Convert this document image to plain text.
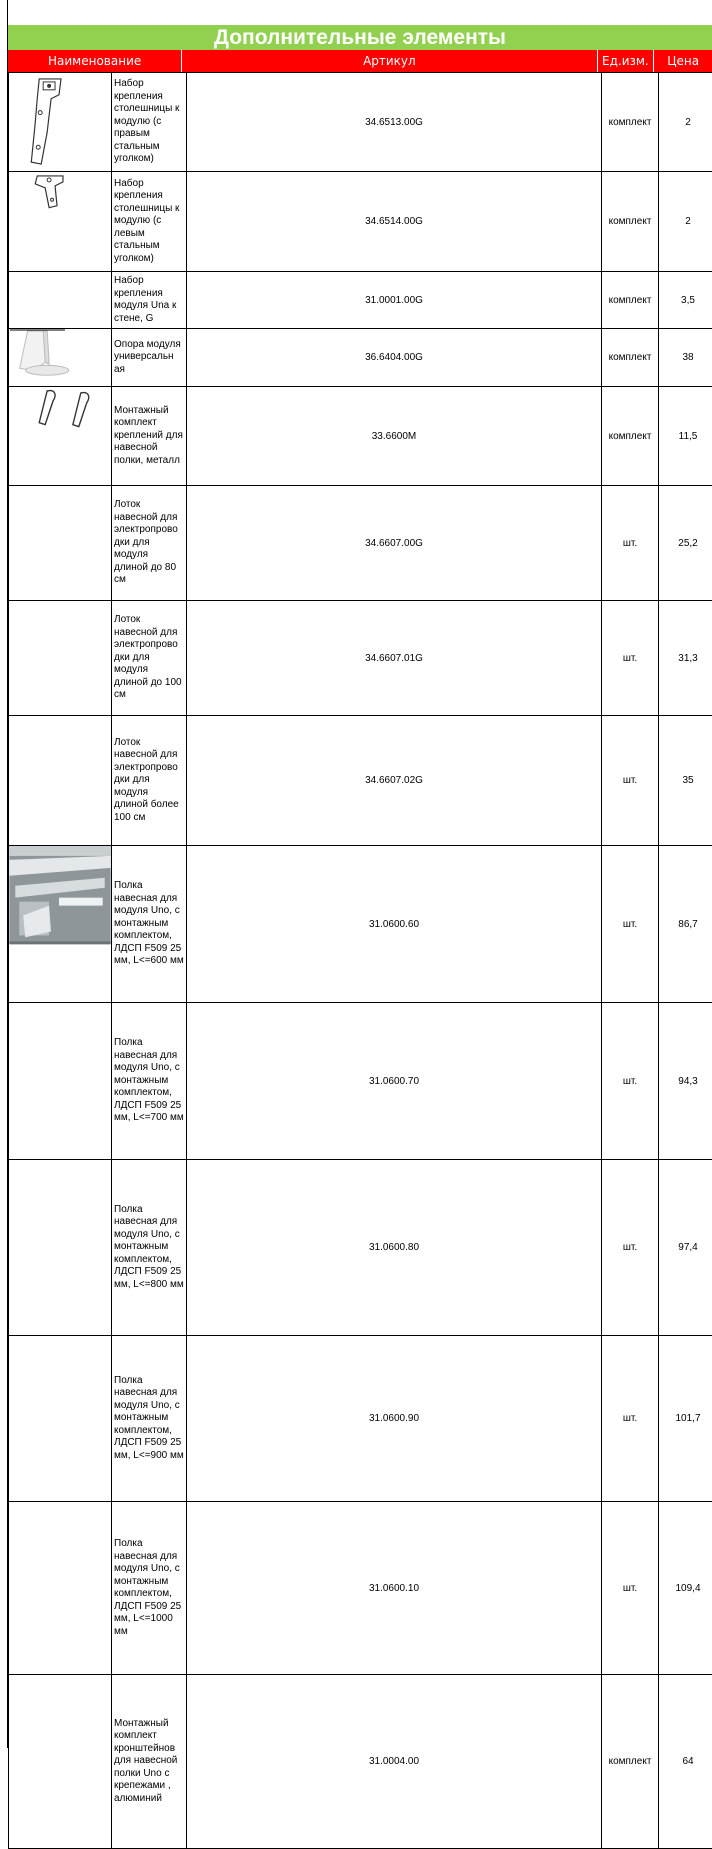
Дополнительные элементы
Наименование	Артикул	Ед.изм.	Цена
	Набор крепления столешницы к модулю (с правым стальным уголком)	34.6513.00G	комплект	2

	Набор крепления столешницы к модулю (с левым стальным уголком)	34.6514.00G	комплект	2
	Набор крепления модуля Una к стене, G	31.0001.00G	комплект	3,5

	Опора модуля универсальн ая	36.6404.00G	комплект	38

	Монтажный комплект креплений для навесной полки, металл	33.6600M	комплект	11,5
	Лоток навесной для электропрово дки для модуля длиной до 80 см	34.6607.00G	шт.	25,2
	Лоток навесной для электропрово дки для модуля длиной до 100 см	34.6607.01G	шт.	31,3
	Лоток навесной для электропрово дки для модуля длиной более 100 см	34.6607.02G	шт.	35

	Полка навесная для модуля Uno, с монтажным комплектом, ЛДСП F509 25 мм, L<=600 мм	31.0600.60	шт.	86,7
	Полка навесная для модуля Uno, с монтажным комплектом, ЛДСП F509 25 мм, L<=700 мм	31.0600.70	шт.	94,3
	Полка навесная для модуля Uno, с монтажным комплектом, ЛДСП F509 25 мм, L<=800 мм	31.0600.80	шт.	97,4
	Полка навесная для модуля Uno, с монтажным комплектом, ЛДСП F509 25 мм, L<=900 мм	31.0600.90	шт.	101,7
	Полка навесная для модуля Uno, с монтажным комплектом, ЛДСП F509 25 мм, L<=1000 мм	31.0600.10	шт.	109,4
	Монтажный комплект кронштейнов для навесной полки Uno с крепежами , алюминий	31.0004.00	комплект	64
